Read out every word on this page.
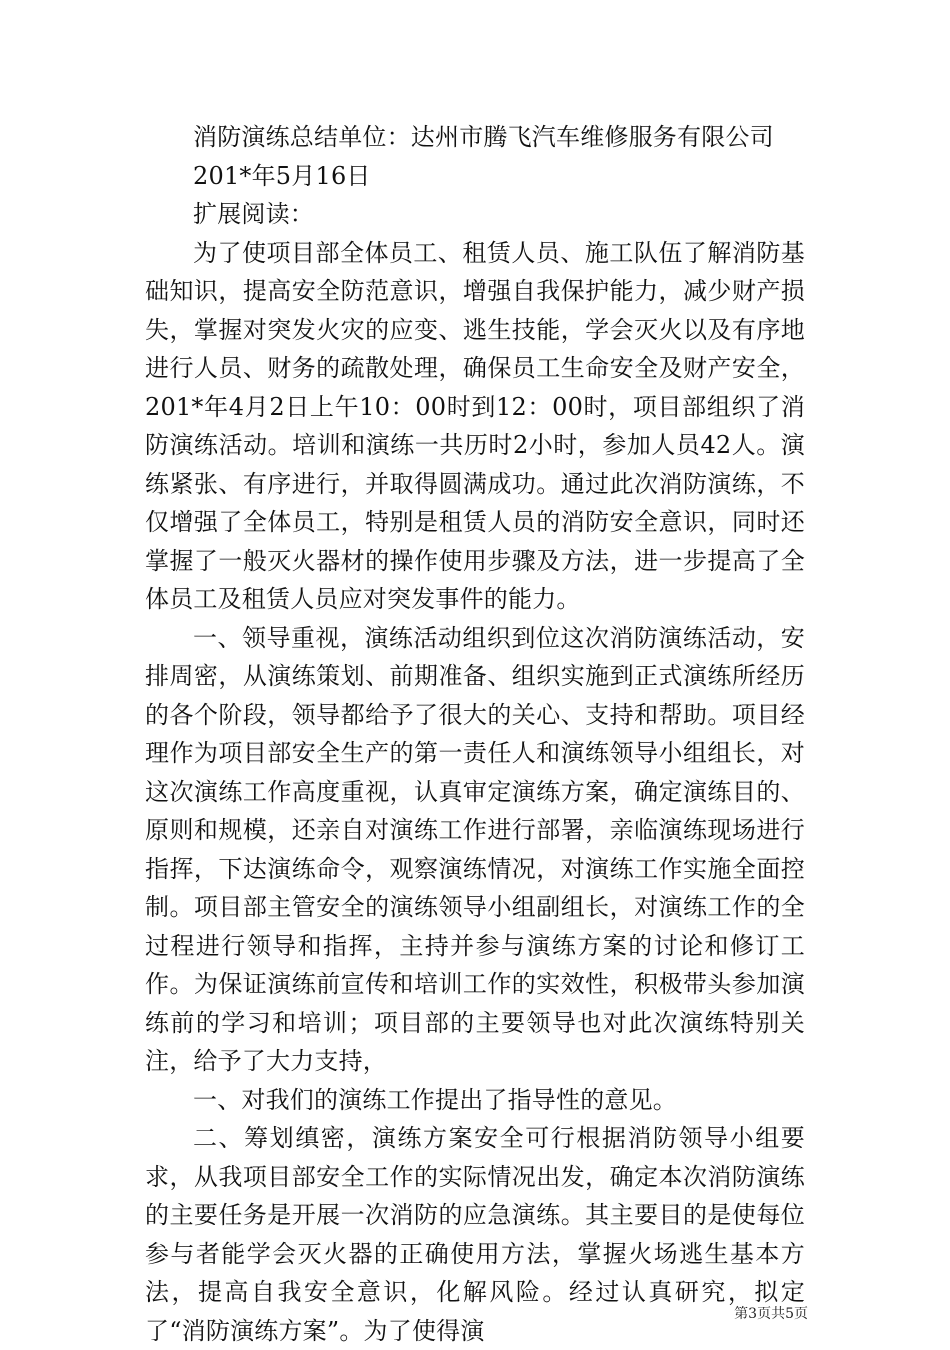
消防演练总结单位：达州市腾飞汽车维修服务有限公司

201*年5月16日

扩展阅读：

为了使项目部全体员工、租赁人员、施工队伍了解消防基础知识，提高安全防范意识，增强自我保护能力，减少财产损失，掌握对突发火灾的应变、逃生技能，学会灭火以及有序地进行人员、财务的疏散处理，确保员工生命安全及财产安全，201*年4月2日上午10：00时到12：00时，项目部组织了消防演练活动。培训和演练一共历时2小时，参加人员42人。演练紧张、有序进行，并取得圆满成功。通过此次消防演练，不仅增强了全体员工，特别是租赁人员的消防安全意识，同时还掌握了一般灭火器材的操作使用步骤及方法，进一步提高了全体员工及租赁人员应对突发事件的能力。

一、领导重视，演练活动组织到位这次消防演练活动，安排周密，从演练策划、前期准备、组织实施到正式演练所经历的各个阶段，领导都给予了很大的关心、支持和帮助。项目经理作为项目部安全生产的第一责任人和演练领导小组组长，对这次演练工作高度重视，认真审定演练方案，确定演练目的、原则和规模，还亲自对演练工作进行部署，亲临演练现场进行指挥，下达演练命令，观察演练情况，对演练工作实施全面控制。项目部主管安全的演练领导小组副组长，对演练工作的全过程进行领导和指挥，主持并参与演练方案的讨论和修订工作。为保证演练前宣传和培训工作的实效性，积极带头参加演练前的学习和培训；项目部的主要领导也对此次演练特别关注，给予了大力支持，

一、对我们的演练工作提出了指导性的意见。

二、筹划缜密，演练方案安全可行根据消防领导小组要求，从我项目部安全工作的实际情况出发，确定本次消防演练的主要任务是开展一次消防的应急演练。其主要目的是使每位参与者能学会灭火器的正确使用方法，掌握火场逃生基本方法，提高自我安全意识，化解风险。经过认真研究，拟定了“消防演练方案”。为了使得演

第3页共5页
